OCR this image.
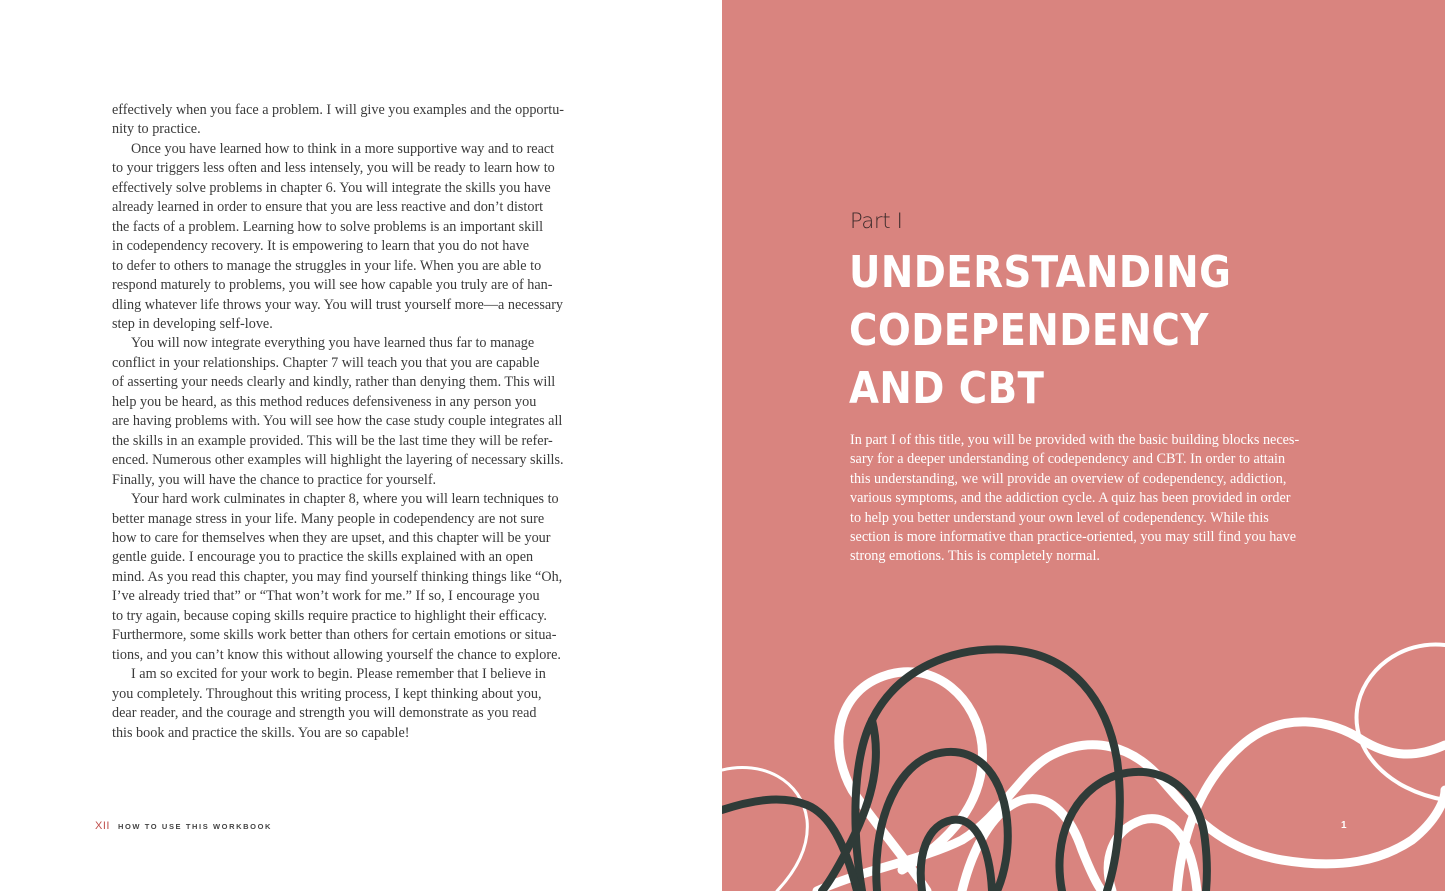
effectively when you face a problem. I will give you examples and the opportu-
nity to practice.

Once you have learned how to think in a more supportive way and to react
to your triggers less often and less intensely, you will be ready to learn how to
effectively solve problems in chapter 6. You will integrate the skills you have
already learned in order to ensure that you are less reactive and don’t distort
the facts of a problem. Learning how to solve problems is an important skill
in codependency recovery. It is empowering to learn that you do not have
to defer to others to manage the struggles in your life. When you are able to
respond maturely to problems, you will see how capable you truly are of han-
dling whatever life throws your way. You will trust yourself more—a necessary
step in developing self-love.

You will now integrate everything you have learned thus far to manage
conflict in your relationships. Chapter 7 will teach you that you are capable
of asserting your needs clearly and kindly, rather than denying them. This will
help you be heard, as this method reduces defensiveness in any person you
are having problems with. You will see how the case study couple integrates all
the skills in an example provided. This will be the last time they will be refer-
enced. Numerous other examples will highlight the layering of necessary skills.
Finally, you will have the chance to practice for yourself.

Your hard work culminates in chapter 8, where you will learn techniques to
better manage stress in your life. Many people in codependency are not sure
how to care for themselves when they are upset, and this chapter will be your
gentle guide. I encourage you to practice the skills explained with an open
mind. As you read this chapter, you may find yourself thinking things like “Oh,
I’ve already tried that” or “That won’t work for me.” If so, I encourage you
to try again, because coping skills require practice to highlight their efficacy.
Furthermore, some skills work better than others for certain emotions or situa-
tions, and you can’t know this without allowing yourself the chance to explore.

I am so excited for your work to begin. Please remember that I believe in
you completely. Throughout this writing process, I kept thinking about you,
dear reader, and the courage and strength you will demonstrate as you read
this book and practice the skills. You are so capable!

XII HOW TO USE THIS WORKBOOK
Part I
UNDERSTANDING
CODEPENDENCY
AND CBT
In part I of this title, you will be provided with the basic building blocks neces-
sary for a deeper understanding of codependency and CBT. In order to attain
this understanding, we will provide an overview of codependency, addiction,
various symptoms, and the addiction cycle. A quiz has been provided in order
to help you better understand your own level of codependency. While this
section is more informative than practice-oriented, you may still find you have
strong emotions. This is completely normal.
1
